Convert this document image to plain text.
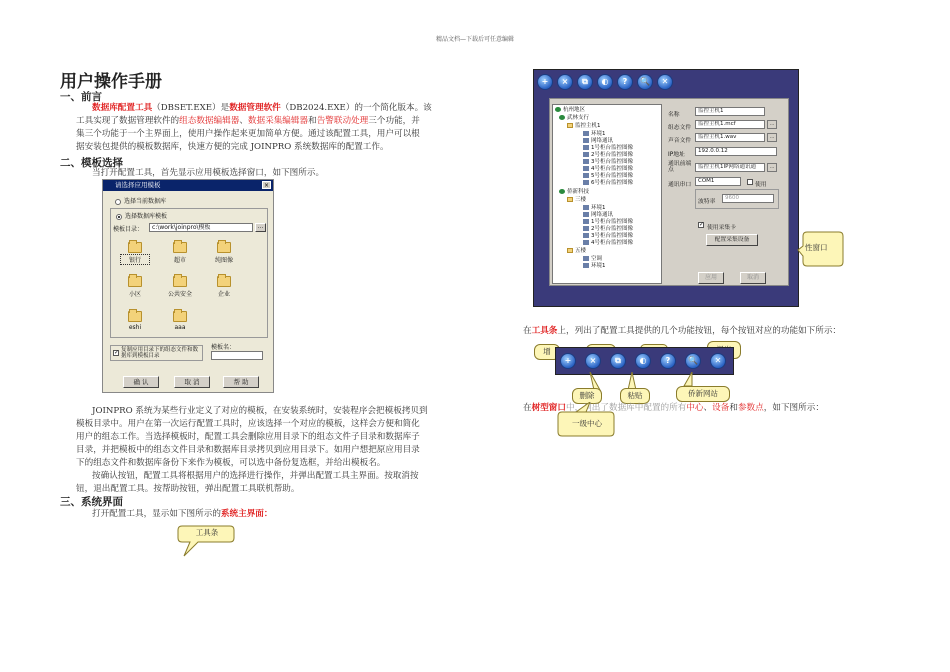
精品文档—下载后可任意编辑
用户操作手册
一、前言
数据库配置工具（DBSET.EXE）是数据管理软件（DB2024.EXE）的一个简化版本。该
工具实现了数据管理软件的组态数据编辑器、数据采集编辑器和告警联动处理三个功能，并
集三个功能于一个主界面上，使用户操作起来更加简单方便。通过该配置工具，用户可以根
据安装包提供的模板数据库，快速方便的完成 JOINPRO 系统数据库的配置工作。
二、模板选择
当打开配置工具，首先显示应用模板选择窗口，如下图所示。
请选择应用模板	×
选择当前数据库
选择数据库模板
模板目录：	c:\work\joinpro\模板	...
银行	超市	纯图像
小区	公共安全	企业
eshi	aaa
✓ 复制应用目录下的组态文件和数据库到模板目录
模板名：
确 认	取 消	帮 助
JOINPRO 系统为某些行业定义了对应的模板，在安装系统时，安装程序会把模板拷贝到
模板目录中。用户在第一次运行配置工具时，应该选择一个对应的模板，这样会方便和简化
用户的组态工作。当选择模板时，配置工具会删除应用目录下的组态文件子目录和数据库子
目录，并把模板中的组态文件目录和数据库目录拷贝到应用目录下。如用户想把原应用目录
下的组态文件和数据库备份下来作为模板，可以选中备份复选框，并给出模板名。
按确认按钮，配置工具将根据用户的选择进行操作，并弹出配置工具主界面。按取消按
钮，退出配置工具。按帮助按钮，弹出配置工具联机帮助。
三、系统界面
打开配置工具，显示如下图所示的系统主界面：
工具条
+	×	⧉	◐	?	🔍	✕
杭州地区
武林支行
监控主机1
环境1
网络通讯
1号柜台监控图像
2号柜台监控图像
3号柜台监控图像
4号柜台监控图像
5号柜台监控图像
6号柜台监控图像
侨新科技
三楼
环境1
网络通讯
1号柜台监控图像
2号柜台监控图像
3号柜台监控图像
4号柜台监控图像
五楼
空调
环境1
名称
监控主机1
组态文件
监控主机1.mcf	...
声音文件
监控主机1.wav	...
IP地址
192.0.0.12
通讯前端点	监控主机1IP网络通讯通	...
通讯串口
COM1
使用
波特率
9600
✓ 使用采集卡
配置采集设备
应用	取消
性窗口
在工具条上，列出了配置工具提供的几个功能按钮，每个按钮对应的功能如下所示：
增
+	×	⧉	◐	?	🔍	✕
删除	粘贴	侨新网站
在树型窗口中，列出了数据库中配置的所有中心、设备和参数点，如下图所示：
一级中心
